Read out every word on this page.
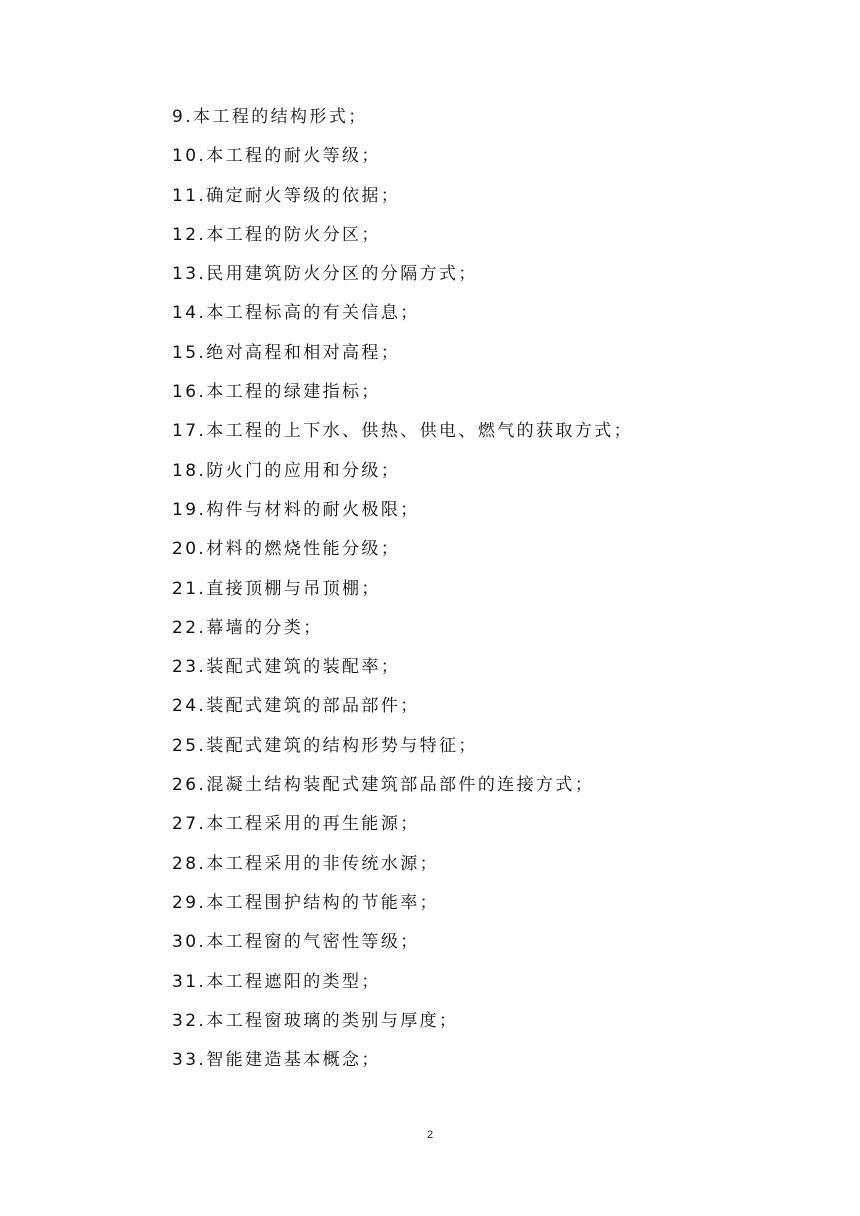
9.本工程的结构形式；
10.本工程的耐火等级；
11.确定耐火等级的依据；
12.本工程的防火分区；
13.民用建筑防火分区的分隔方式；
14.本工程标高的有关信息；
15.绝对高程和相对高程；
16.本工程的绿建指标；
17.本工程的上下水、供热、供电、燃气的获取方式；
18.防火门的应用和分级；
19.构件与材料的耐火极限；
20.材料的燃烧性能分级；
21.直接顶棚与吊顶棚；
22.幕墙的分类；
23.装配式建筑的装配率；
24.装配式建筑的部品部件；
25.装配式建筑的结构形势与特征；
26.混凝土结构装配式建筑部品部件的连接方式；
27.本工程采用的再生能源；
28.本工程采用的非传统水源；
29.本工程围护结构的节能率；
30.本工程窗的气密性等级；
31.本工程遮阳的类型；
32.本工程窗玻璃的类别与厚度；
33.智能建造基本概念；
2
